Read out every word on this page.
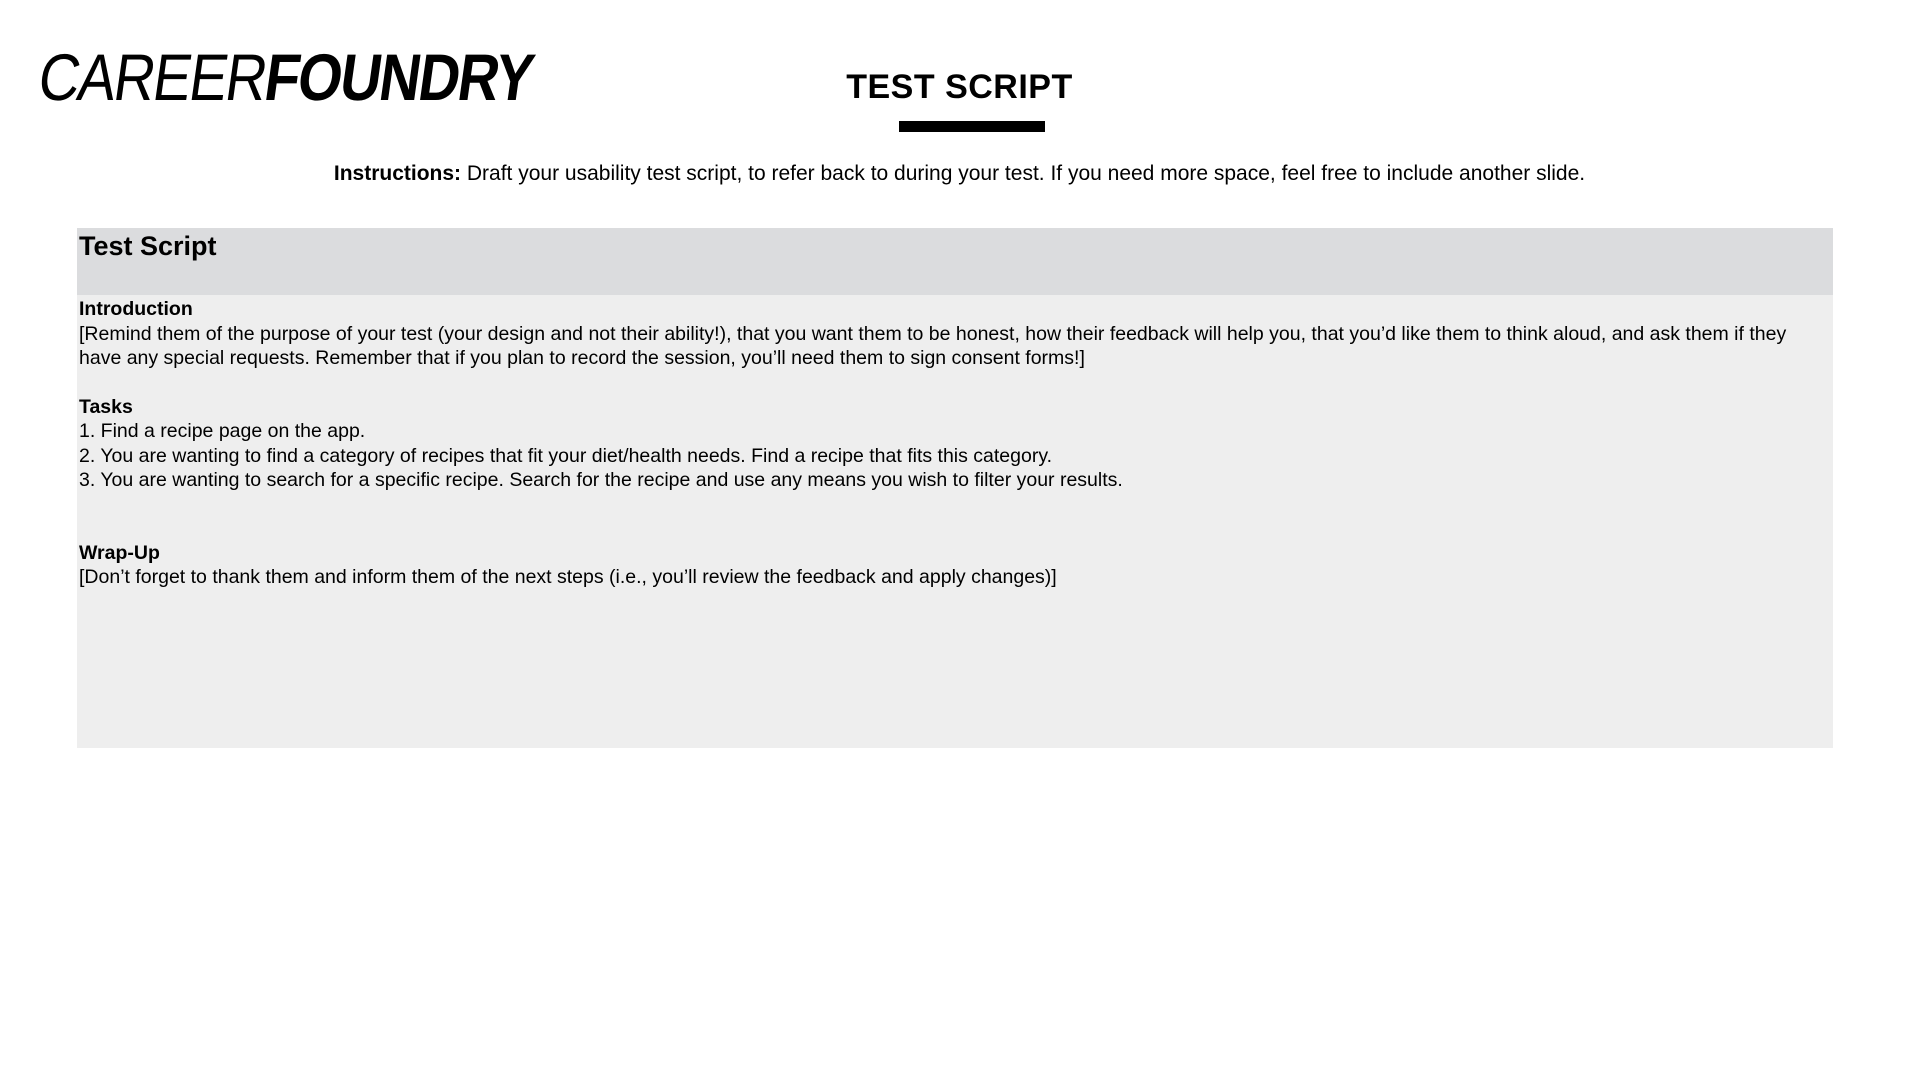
CAREERFOUNDRY	TEST SCRIPT
Instructions: Draft your usability test script, to refer back to during your test. If you need more space, feel free to include another slide.
Test Script
Introduction

[Remind them of the purpose of your test (your design and not their ability!), that you want them to be honest, how their feedback will help you, that you’d like them to think aloud, and ask them if they have any special requests. Remember that if you plan to record the session, you’ll need them to sign consent forms!]

Tasks
1. Find a recipe page on the app.
2. You are wanting to find a category of recipes that fit your diet/health needs. Find a recipe that fits this category.
3. You are wanting to search for a specific recipe. Search for the recipe and use any means you wish to filter your results.
Wrap-Up

[Don’t forget to thank them and inform them of the next steps (i.e., you’ll review the feedback and apply changes)]
